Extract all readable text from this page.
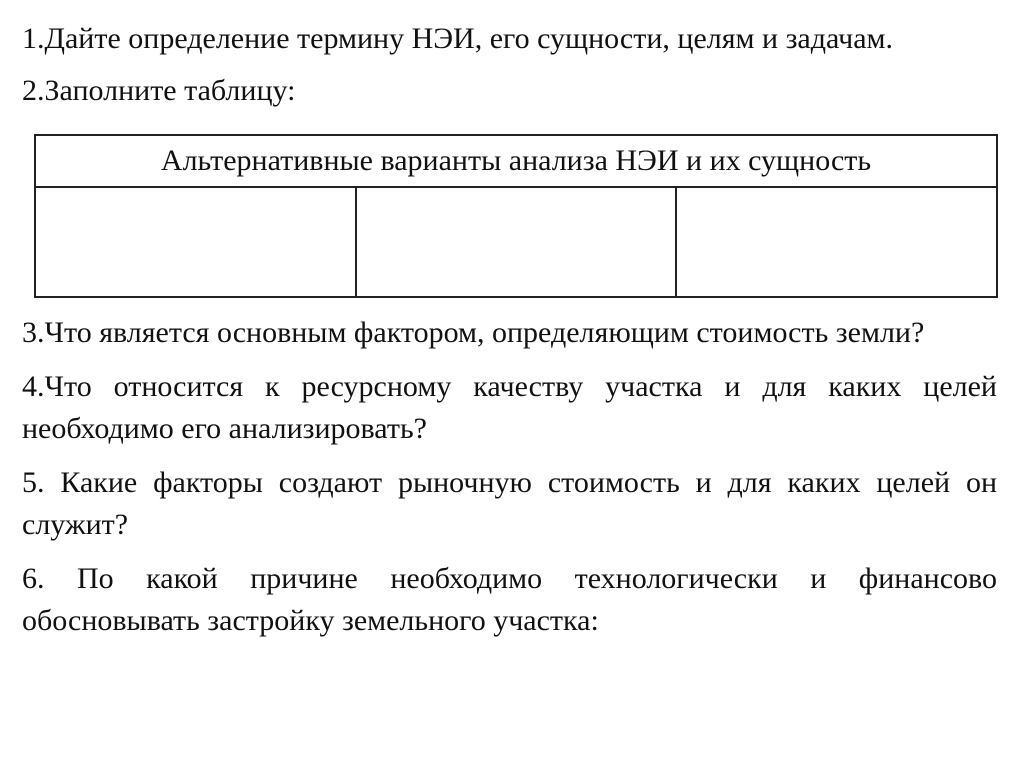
1.Дайте определение термину НЭИ, его сущности, целям и задачам.

2.Заполните таблицу:

Альтернативные варианты анализа НЭИ и их сущность

3.Что является основным фактором, определяющим стоимость земли?

4.Что относится к ресурсному качеству участка и для каких целей необходимо его анализировать?

5. Какие факторы создают рыночную стоимость и для каких целей он служит?

6. По какой причине необходимо технологически и финансово обосновывать застройку земельного участка:
